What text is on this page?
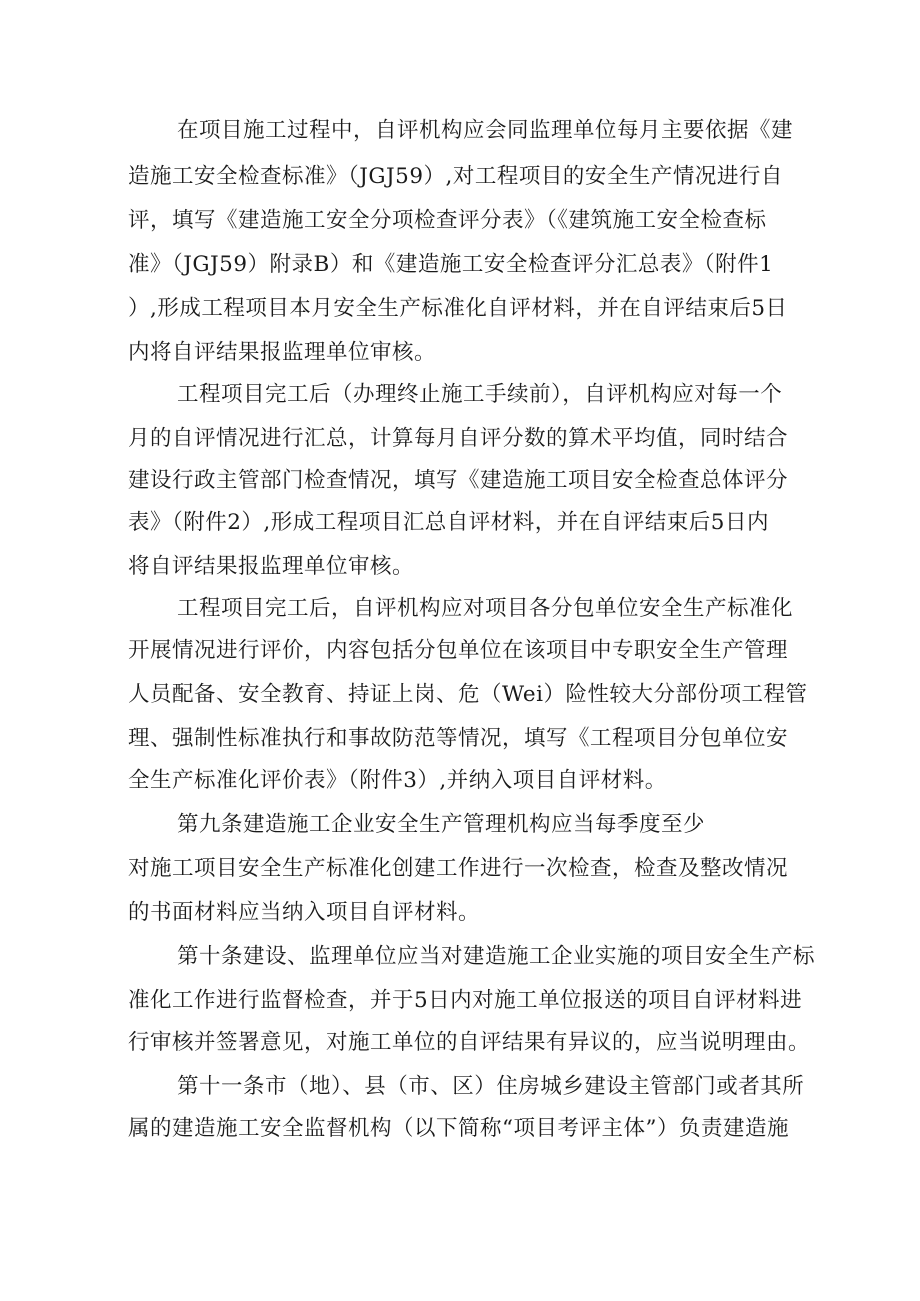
在项目施工过程中，自评机构应会同监理单位每月主要依据《建
造施工安全检查标准》（JGJ59）,对工程项目的安全生产情况进行自
评，填写《建造施工安全分项检查评分表》（《建筑施工安全检查标
准》（JGJ59）附录B）和《建造施工安全检查评分汇总表》（附件1
）,形成工程项目本月安全生产标准化自评材料，并在自评结束后5日
内将自评结果报监理单位审核。
工程项目完工后（办理终止施工手续前），自评机构应对每一个
月的自评情况进行汇总，计算每月自评分数的算术平均值，同时结合
建设行政主管部门检查情况，填写《建造施工项目安全检查总体评分
表》（附件2）,形成工程项目汇总自评材料，并在自评结束后5日内
将自评结果报监理单位审核。
工程项目完工后，自评机构应对项目各分包单位安全生产标准化
开展情况进行评价，内容包括分包单位在该项目中专职安全生产管理
人员配备、安全教育、持证上岗、危（Wei）险性较大分部份项工程管
理、强制性标准执行和事故防范等情况，填写《工程项目分包单位安
全生产标准化评价表》（附件3）,并纳入项目自评材料。
第九条建造施工企业安全生产管理机构应当每季度至少
对施工项目安全生产标准化创建工作进行一次检查，检查及整改情况
的书面材料应当纳入项目自评材料。
第十条建设、监理单位应当对建造施工企业实施的项目安全生产标
准化工作进行监督检查，并于5日内对施工单位报送的项目自评材料进
行审核并签署意见，对施工单位的自评结果有异议的，应当说明理由。
第十一条市（地）、县（市、区）住房城乡建设主管部门或者其所
属的建造施工安全监督机构（以下简称“项目考评主体”）负责建造施
